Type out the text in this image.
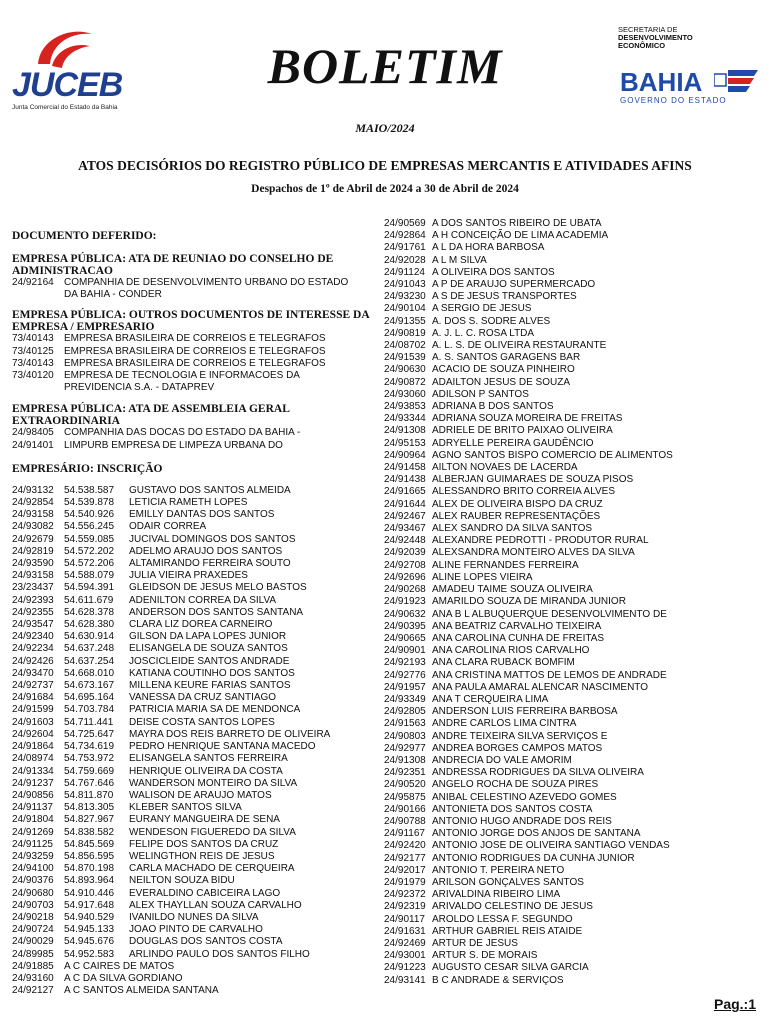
JUCEB
Junta Comercial do Estado da Bahia
BOLETIM
SECRETARIA DE
DESENVOLVIMENTO
ECONÔMICO
BAHIA
GOVERNO DO ESTADO
MAIO/2024
ATOS DECISÓRIOS DO REGISTRO PÚBLICO DE EMPRESAS MERCANTIS E ATIVIDADES AFINS
Despachos de 1º de Abril de 2024 a 30 de Abril de 2024
DOCUMENTO DEFERIDO:
EMPRESA PÚBLICA: ATA DE REUNIAO DO CONSELHO DE ADMINISTRACAO
24/92164	COMPANHIA DE DESENVOLVIMENTO URBANO DO ESTADO DA BAHIA - CONDER
EMPRESA PÚBLICA: OUTROS DOCUMENTOS DE INTERESSE DA EMPRESA / EMPRESARIO
73/40143	EMPRESA BRASILEIRA DE CORREIOS E TELEGRAFOS
73/40125	EMPRESA BRASILEIRA DE CORREIOS E TELEGRAFOS
73/40143	EMPRESA BRASILEIRA DE CORREIOS E TELEGRAFOS
73/40120	EMPRESA DE TECNOLOGIA E INFORMACOES DA PREVIDENCIA S.A. - DATAPREV
EMPRESA PÚBLICA: ATA DE ASSEMBLEIA GERAL EXTRAORDINARIA
24/98405	COMPANHIA DAS DOCAS DO ESTADO DA BAHIA -
24/91401	LIMPURB EMPRESA DE LIMPEZA URBANA DO
EMPRESÁRIO: INSCRIÇÃO
24/93132	54.538.587	GUSTAVO DOS SANTOS ALMEIDA
24/92854	54.539.878	LETICIA RAMETH LOPES
24/93158	54.540.926	EMILLY DANTAS DOS SANTOS
24/93082	54.556.245	ODAIR CORREA
24/92679	54.559.085	JUCIVAL DOMINGOS DOS SANTOS
24/92819	54.572.202	ADELMO ARAUJO DOS SANTOS
24/93590	54.572.206	ALTAMIRANDO FERREIRA SOUTO
24/93158	54.588.079	JULIA VIEIRA PRAXEDES
23/23437	54.594.391	GLEIDSON DE JESUS MELO BASTOS
24/92393	54.611.679	ADENILTON CORREA DA SILVA
24/92355	54.628.378	ANDERSON DOS SANTOS SANTANA
24/93547	54.628.380	CLARA LIZ DOREA CARNEIRO
24/92340	54.630.914	GILSON DA LAPA LOPES JUNIOR
24/92234	54.637.248	ELISANGELA DE SOUZA SANTOS
24/92426	54.637.254	JOSCICLEIDE SANTOS ANDRADE
24/93470	54.668.010	KATIANA COUTINHO DOS SANTOS
24/92737	54.673.167	MILLENA KEURE FARIAS SANTOS
24/91684	54.695.164	VANESSA DA CRUZ SANTIAGO
24/91599	54.703.784	PATRICIA MARIA SA DE MENDONCA
24/91603	54.711.441	DEISE COSTA SANTOS LOPES
24/92604	54.725.647	MAYRA DOS REIS BARRETO DE OLIVEIRA
24/91864	54.734.619	PEDRO HENRIQUE SANTANA MACEDO
24/08974	54.753.972	ELISANGELA SANTOS FERREIRA
24/91334	54.759.669	HENRIQUE OLIVEIRA DA COSTA
24/91237	54.767.646	WANDERSON MONTEIRO DA SILVA
24/90856	54.811.870	WALISON DE ARAUJO MATOS
24/91137	54.813.305	KLEBER SANTOS SILVA
24/91804	54.827.967	EURANY MANGUEIRA DE SENA
24/91269	54.838.582	WENDESON FIGUEREDO DA SILVA
24/91125	54.845.569	FELIPE DOS SANTOS DA CRUZ
24/93259	54.856.595	WELINGTHON REIS DE JESUS
24/94100	54.870.198	CARLA MACHADO DE CERQUEIRA
24/90376	54.893.964	NEILTON SOUZA BIDU
24/90680	54.910.446	EVERALDINO CABICEIRA LAGO
24/90703	54.917.648	ALEX THAYLLAN SOUZA CARVALHO
24/90218	54.940.529	IVANILDO NUNES DA SILVA
24/90724	54.945.133	JOAO PINTO DE CARVALHO
24/90029	54.945.676	DOUGLAS DOS SANTOS COSTA
24/89985	54.952.583	ARLINDO PAULO DOS SANTOS FILHO
24/91885	A C CAIRES DE MATOS
24/93160	A C DA SILVA GORDIANO
24/92127	A C SANTOS ALMEIDA SANTANA
24/90569 A DOS SANTOS RIBEIRO DE UBATA
24/92864 A H CONCEIÇÃO DE LIMA ACADEMIA
24/91761 A L DA HORA BARBOSA
24/92028 A L M SILVA
24/91124 A OLIVEIRA DOS SANTOS
24/91043 A P DE ARAUJO SUPERMERCADO
24/93230 A S DE JESUS TRANSPORTES
24/90104 A SERGIO DE JESUS
24/91355 A. DOS S. SODRE ALVES
24/90819 A. J. L. C. ROSA LTDA
24/08702 A. L. S. DE OLIVEIRA RESTAURANTE
24/91539 A. S. SANTOS GARAGENS BAR
24/90630 ACACIO DE SOUZA PINHEIRO
24/90872 ADAILTON JESUS DE SOUZA
24/93060 ADILSON P SANTOS
24/93853 ADRIANA B DOS SANTOS
24/93344 ADRIANA SOUZA MOREIRA DE FREITAS
24/91308 ADRIELE DE BRITO PAIXAO OLIVEIRA
24/95153 ADRYELLE PEREIRA GAUDÊNCIO
24/90964 AGNO SANTOS BISPO COMERCIO DE ALIMENTOS
24/91458 AILTON NOVAES DE LACERDA
24/91438 ALBERJAN GUIMARAES DE SOUZA PISOS
24/91665 ALESSANDRO BRITO CORREIA ALVES
24/91644 ALEX DE OLIVEIRA BISPO DA CRUZ
24/92467 ALEX RAUBER REPRESENTAÇÕES
24/93467 ALEX SANDRO DA SILVA SANTOS
24/92448 ALEXANDRE PEDROTTI - PRODUTOR RURAL
24/92039 ALEXSANDRA MONTEIRO ALVES DA SILVA
24/92708 ALINE FERNANDES FERREIRA
24/92696 ALINE LOPES VIEIRA
24/90268 AMADEU TAIME SOUZA OLIVEIRA
24/91923 AMARILDO SOUZA DE MIRANDA JUNIOR
24/90632 ANA B L ALBUQUERQUE DESENVOLVIMENTO DE
24/90395 ANA BEATRIZ CARVALHO TEIXEIRA
24/90665 ANA CAROLINA CUNHA DE FREITAS
24/90901 ANA CAROLINA RIOS CARVALHO
24/92193 ANA CLARA RUBACK BOMFIM
24/92776 ANA CRISTINA MATTOS DE LEMOS DE ANDRADE
24/91957 ANA PAULA AMARAL ALENCAR NASCIMENTO
24/93349 ANA T CERQUEIRA LIMA
24/92805 ANDERSON LUIS FERREIRA BARBOSA
24/91563 ANDRE CARLOS LIMA CINTRA
24/90803 ANDRE TEIXEIRA SILVA SERVIÇOS E
24/92977 ANDREA BORGES CAMPOS MATOS
24/91308 ANDRECIA DO VALE AMORIM
24/92351 ANDRESSA RODRIGUES DA SILVA OLIVEIRA
24/90520 ANGELO ROCHA DE SOUZA PIRES
24/95875 ANIBAL CELESTINO AZEVEDO GOMES
24/90166 ANTONIETA DOS SANTOS COSTA
24/90788 ANTONIO HUGO ANDRADE DOS REIS
24/91167 ANTONIO JORGE DOS ANJOS DE SANTANA
24/92420 ANTONIO JOSE DE OLIVEIRA SANTIAGO VENDAS
24/92177 ANTONIO RODRIGUES DA CUNHA JUNIOR
24/92017 ANTONIO T. PEREIRA NETO
24/91979 ARILSON GONÇALVES SANTOS
24/92372 ARIVALDINA RIBEIRO LIMA
24/92319 ARIVALDO CELESTINO DE JESUS
24/90117 AROLDO LESSA F. SEGUNDO
24/91631 ARTHUR GABRIEL REIS ATAIDE
24/92469 ARTUR DE JESUS
24/93001 ARTUR S. DE MORAIS
24/91223 AUGUSTO CESAR SILVA GARCIA
24/93141 B C ANDRADE & SERVIÇOS
Pag.:1
